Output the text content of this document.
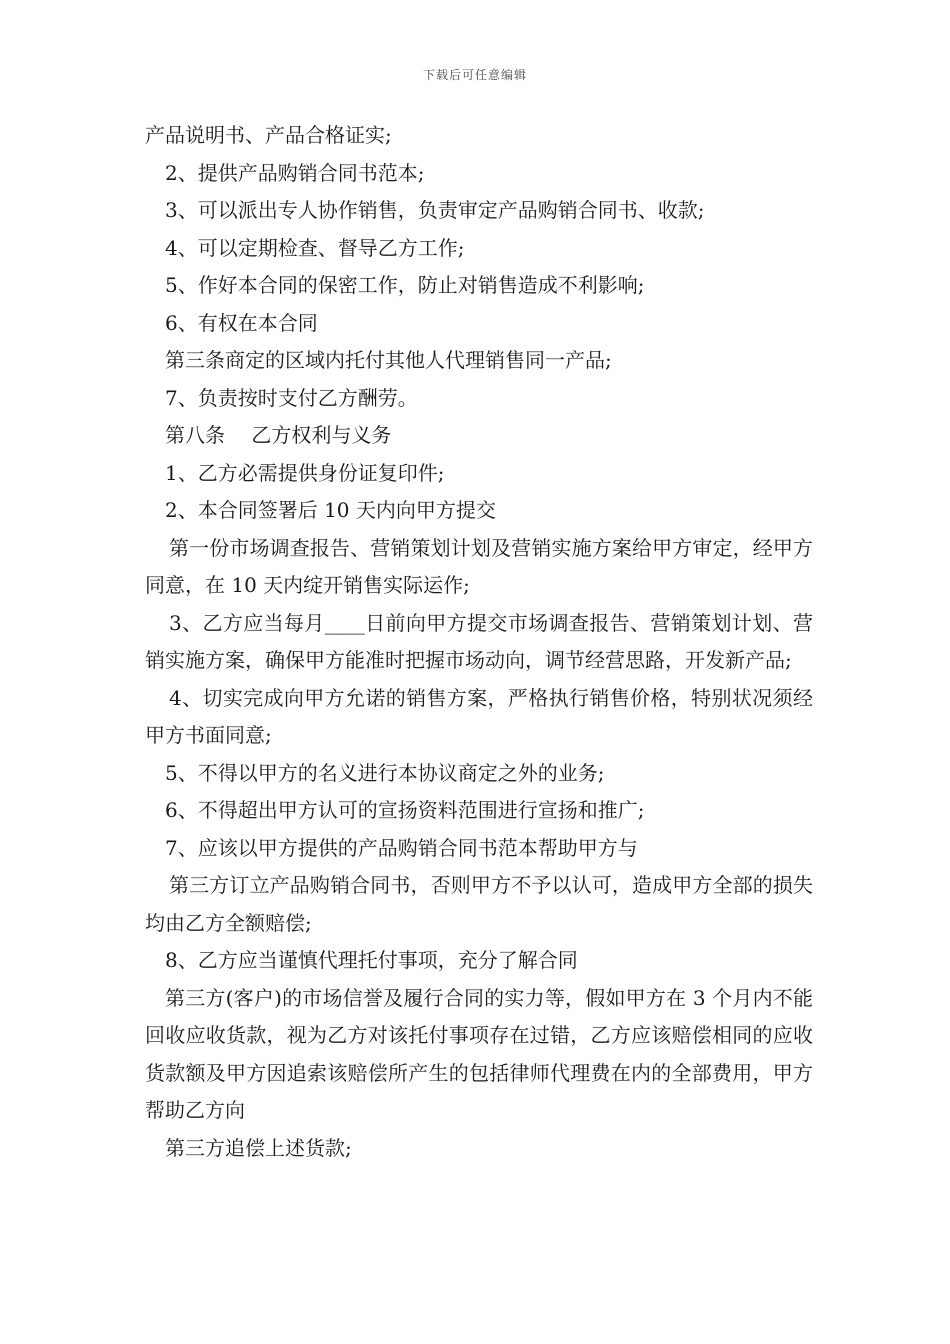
下载后可任意编辑

产品说明书、产品合格证实;

2、提供产品购销合同书范本;

3、可以派出专人协作销售，负责审定产品购销合同书、收款;

4、可以定期检查、督导乙方工作;

5、作好本合同的保密工作，防止对销售造成不利影响;

6、有权在本合同

第三条商定的区域内托付其他人代理销售同一产品;

7、负责按时支付乙方酬劳。

第八条　 乙方权利与义务

1、乙方必需提供身份证复印件;

2、本合同签署后 10 天内向甲方提交

第一份市场调查报告、营销策划计划及营销实施方案给甲方审定，经甲方同意，在 10 天内绽开销售实际运作;

3、乙方应当每月____日前向甲方提交市场调查报告、营销策划计划、营销实施方案，确保甲方能准时把握市场动向，调节经营思路，开发新产品;

4、切实完成向甲方允诺的销售方案，严格执行销售价格，特别状况须经甲方书面同意;

5、不得以甲方的名义进行本协议商定之外的业务;

6、不得超出甲方认可的宣扬资料范围进行宣扬和推广;

7、应该以甲方提供的产品购销合同书范本帮助甲方与

第三方订立产品购销合同书，否则甲方不予以认可，造成甲方全部的损失均由乙方全额赔偿;

8、乙方应当谨慎代理托付事项，充分了解合同

第三方(客户)的市场信誉及履行合同的实力等，假如甲方在 3 个月内不能回收应收货款，视为乙方对该托付事项存在过错，乙方应该赔偿相同的应收货款额及甲方因追索该赔偿所产生的包括律师代理费在内的全部费用，甲方帮助乙方向

第三方追偿上述货款;
